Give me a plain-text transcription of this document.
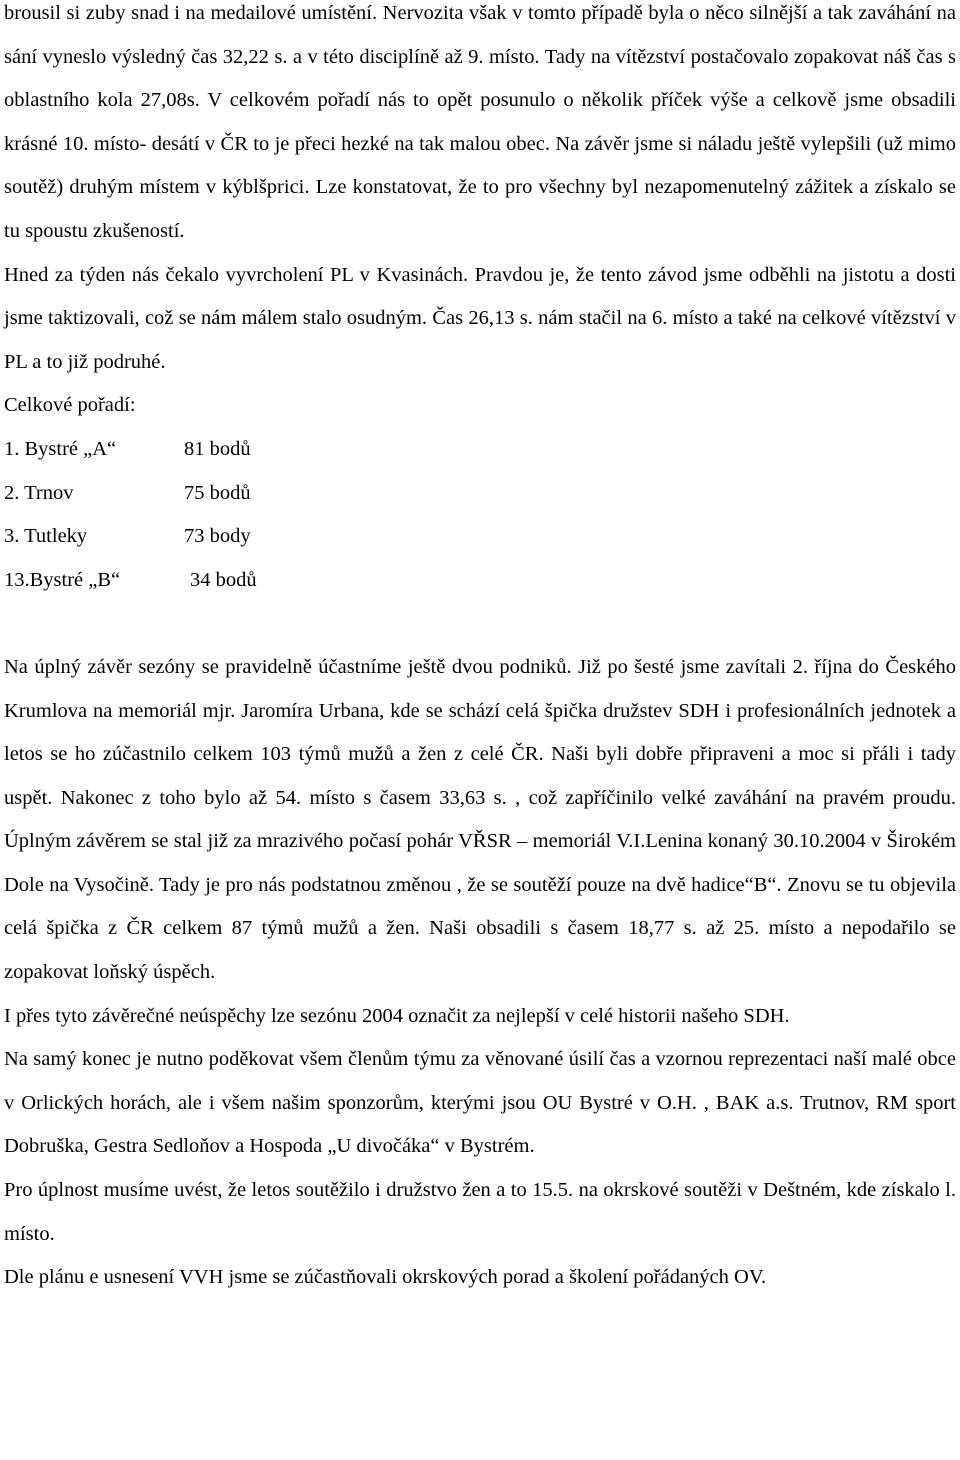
brousil si zuby snad i na medailové umístění. Nervozita však v tomto případě byla o něco silnější a tak zaváhání na sání vyneslo výsledný čas 32,22 s. a v této disciplíně až 9. místo. Tady na vítězství postačovalo zopakovat náš čas s oblastního kola 27,08s. V celkovém pořadí nás to opět posunulo o několik příček výše a celkově jsme obsadili krásné 10. místo- desátí v ČR to je přeci hezké na tak malou obec. Na závěr jsme si náladu ještě vylepšili (už mimo soutěž) druhým místem v kýblšprici. Lze konstatovat, že to pro všechny byl nezapomenutelný zážitek a získalo se tu spoustu zkušeností.

Hned za týden nás čekalo vyvrcholení PL v Kvasinách. Pravdou je, že tento závod jsme odběhli na jistotu a dosti jsme taktizovali, což se nám málem stalo osudným. Čas 26,13 s. nám stačil na 6. místo a také na celkové vítězství v PL a to již podruhé.

Celkové pořadí:

1. Bystré „A“	81 bodů
2. Trnov	75 bodů
3. Tutleky	73 body
13.Bystré „B“	34 bodů

Na úplný závěr sezóny se pravidelně účastníme ještě dvou podniků. Již po šesté jsme zavítali 2. října do Českého Krumlova na memoriál mjr. Jaromíra Urbana, kde se schází celá špička družstev SDH i profesionálních jednotek a letos se ho zúčastnilo celkem 103 týmů mužů a žen z celé ČR. Naši byli dobře připraveni a moc si přáli i tady uspět. Nakonec z toho bylo až 54. místo s časem 33,63 s. , což zapříčinilo velké zaváhání na pravém proudu. Úplným závěrem se stal již za mrazivého počasí pohár VŘSR – memoriál V.I.Lenina konaný 30.10.2004 v Širokém Dole na Vysočině. Tady je pro nás podstatnou změnou , že se soutěží pouze na dvě hadice“B“. Znovu se tu objevila celá špička z ČR celkem 87 týmů mužů a žen. Naši obsadili s časem 18,77 s. až 25. místo a nepodařilo se zopakovat loňský úspěch.

I přes tyto závěrečné neúspěchy lze sezónu 2004 označit za nejlepší v celé historii našeho SDH.

Na samý konec je nutno poděkovat všem členům týmu za věnované úsilí čas a vzornou reprezentaci naší malé obce v Orlických horách, ale i všem našim sponzorům, kterými jsou OU Bystré v O.H. , BAK a.s. Trutnov, RM sport Dobruška, Gestra Sedloňov a Hospoda „U divočáka“ v Bystrém.

Pro úplnost musíme uvést, že letos soutěžilo i družstvo žen a to 15.5. na okrskové soutěži v Deštném, kde získalo l. místo.

Dle plánu e usnesení VVH jsme se zúčastňovali okrskových porad a školení pořádaných OV.
